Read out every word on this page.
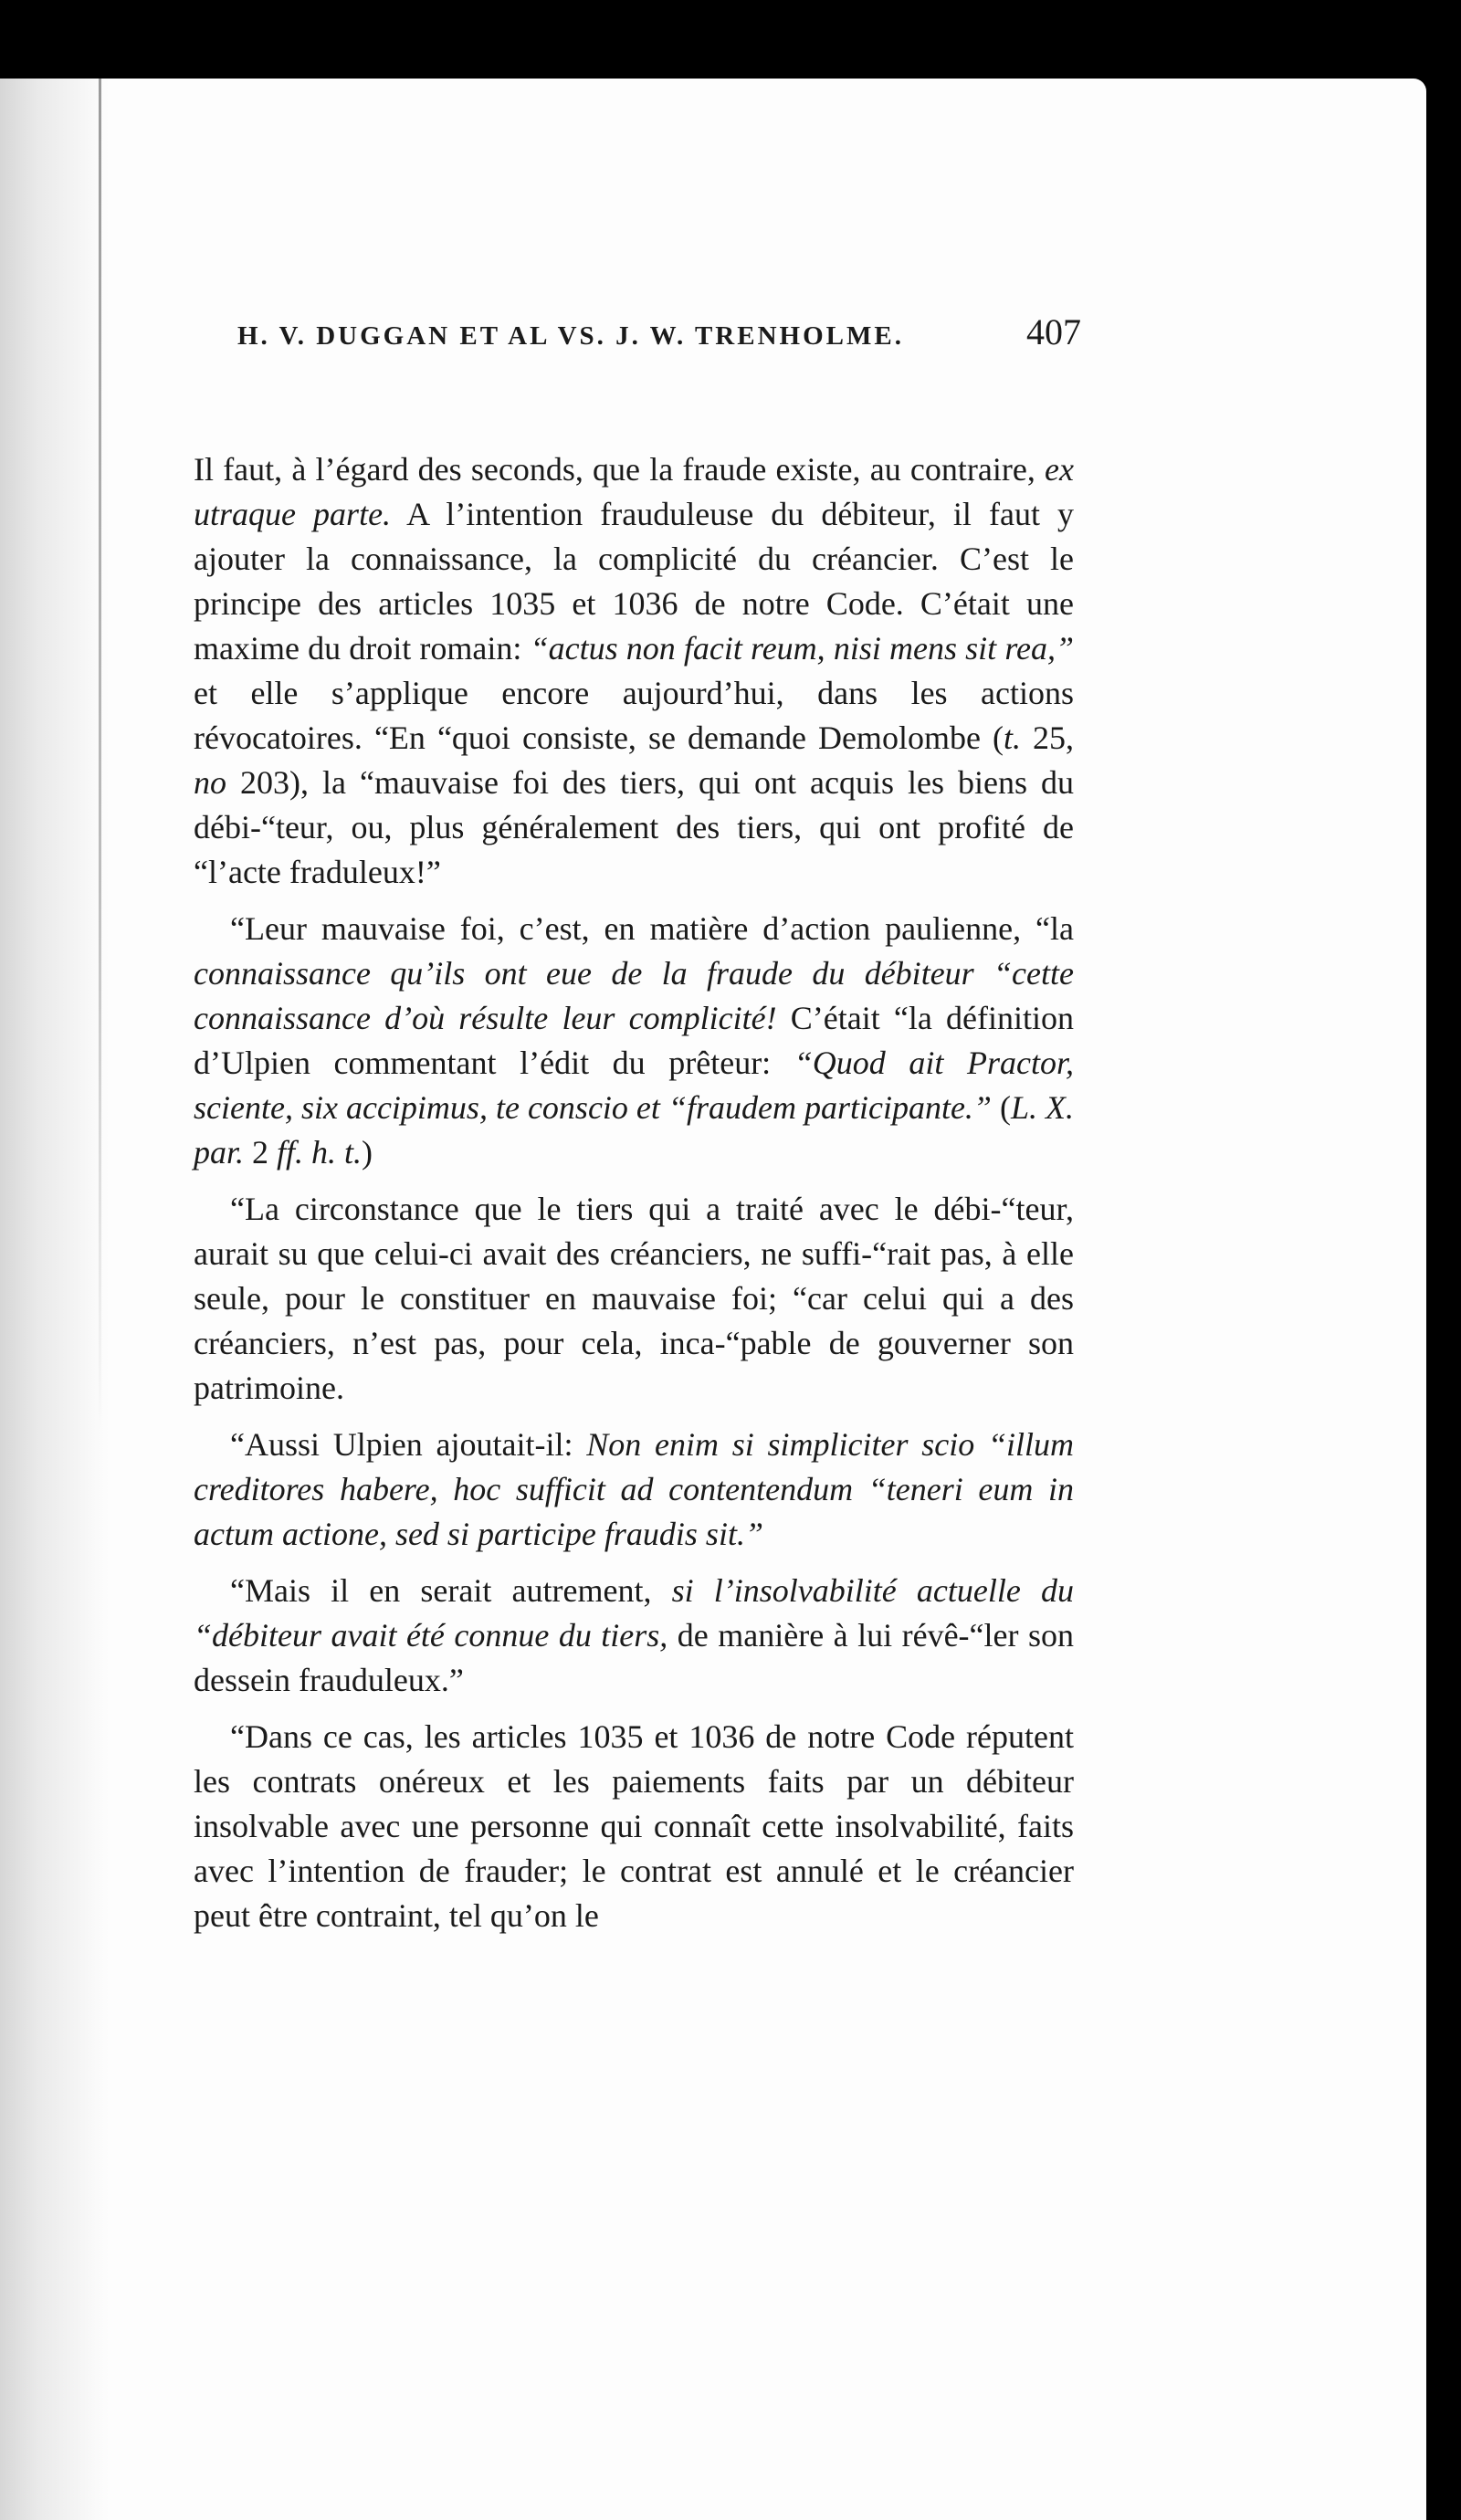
H. V. DUGGAN ET AL VS. J. W. TRENHOLME.	407

Il faut, à l’égard des seconds, que la fraude existe, au contraire, ex utraque parte. A l’intention frauduleuse du débiteur, il faut y ajouter la connaissance, la complicité du créancier. C’est le principe des articles 1035 et 1036 de notre Code. C’était une maxime du droit romain: “actus non facit reum, nisi mens sit rea,” et elle s’applique encore aujourd’hui, dans les actions révocatoires. “En “quoi consiste, se demande Demolombe (t. 25, no 203), la “mauvaise foi des tiers, qui ont acquis les biens du débi-“teur, ou, plus généralement des tiers, qui ont profité de “l’acte fraduleux!”

“Leur mauvaise foi, c’est, en matière d’action paulienne, “la connaissance qu’ils ont eue de la fraude du débiteur “cette connaissance d’où résulte leur complicité! C’était “la définition d’Ulpien commentant l’édit du prêteur: “Quod ait Practor, sciente, six accipimus, te conscio et “fraudem participante.” (L. X. par. 2 ff. h. t.)

“La circonstance que le tiers qui a traité avec le débi-“teur, aurait su que celui-ci avait des créanciers, ne suffi-“rait pas, à elle seule, pour le constituer en mauvaise foi; “car celui qui a des créanciers, n’est pas, pour cela, inca-“pable de gouverner son patrimoine.

“Aussi Ulpien ajoutait-il: Non enim si simpliciter scio “illum creditores habere, hoc sufficit ad contentendum “teneri eum in actum actione, sed si participe fraudis sit.”

“Mais il en serait autrement, si l’insolvabilité actuelle du “débiteur avait été connue du tiers, de manière à lui révê-“ler son dessein frauduleux.”

“Dans ce cas, les articles 1035 et 1036 de notre Code réputent les contrats onéreux et les paiements faits par un débiteur insolvable avec une personne qui connaît cette insolvabilité, faits avec l’intention de frauder; le contrat est annulé et le créancier peut être contraint, tel qu’on le
